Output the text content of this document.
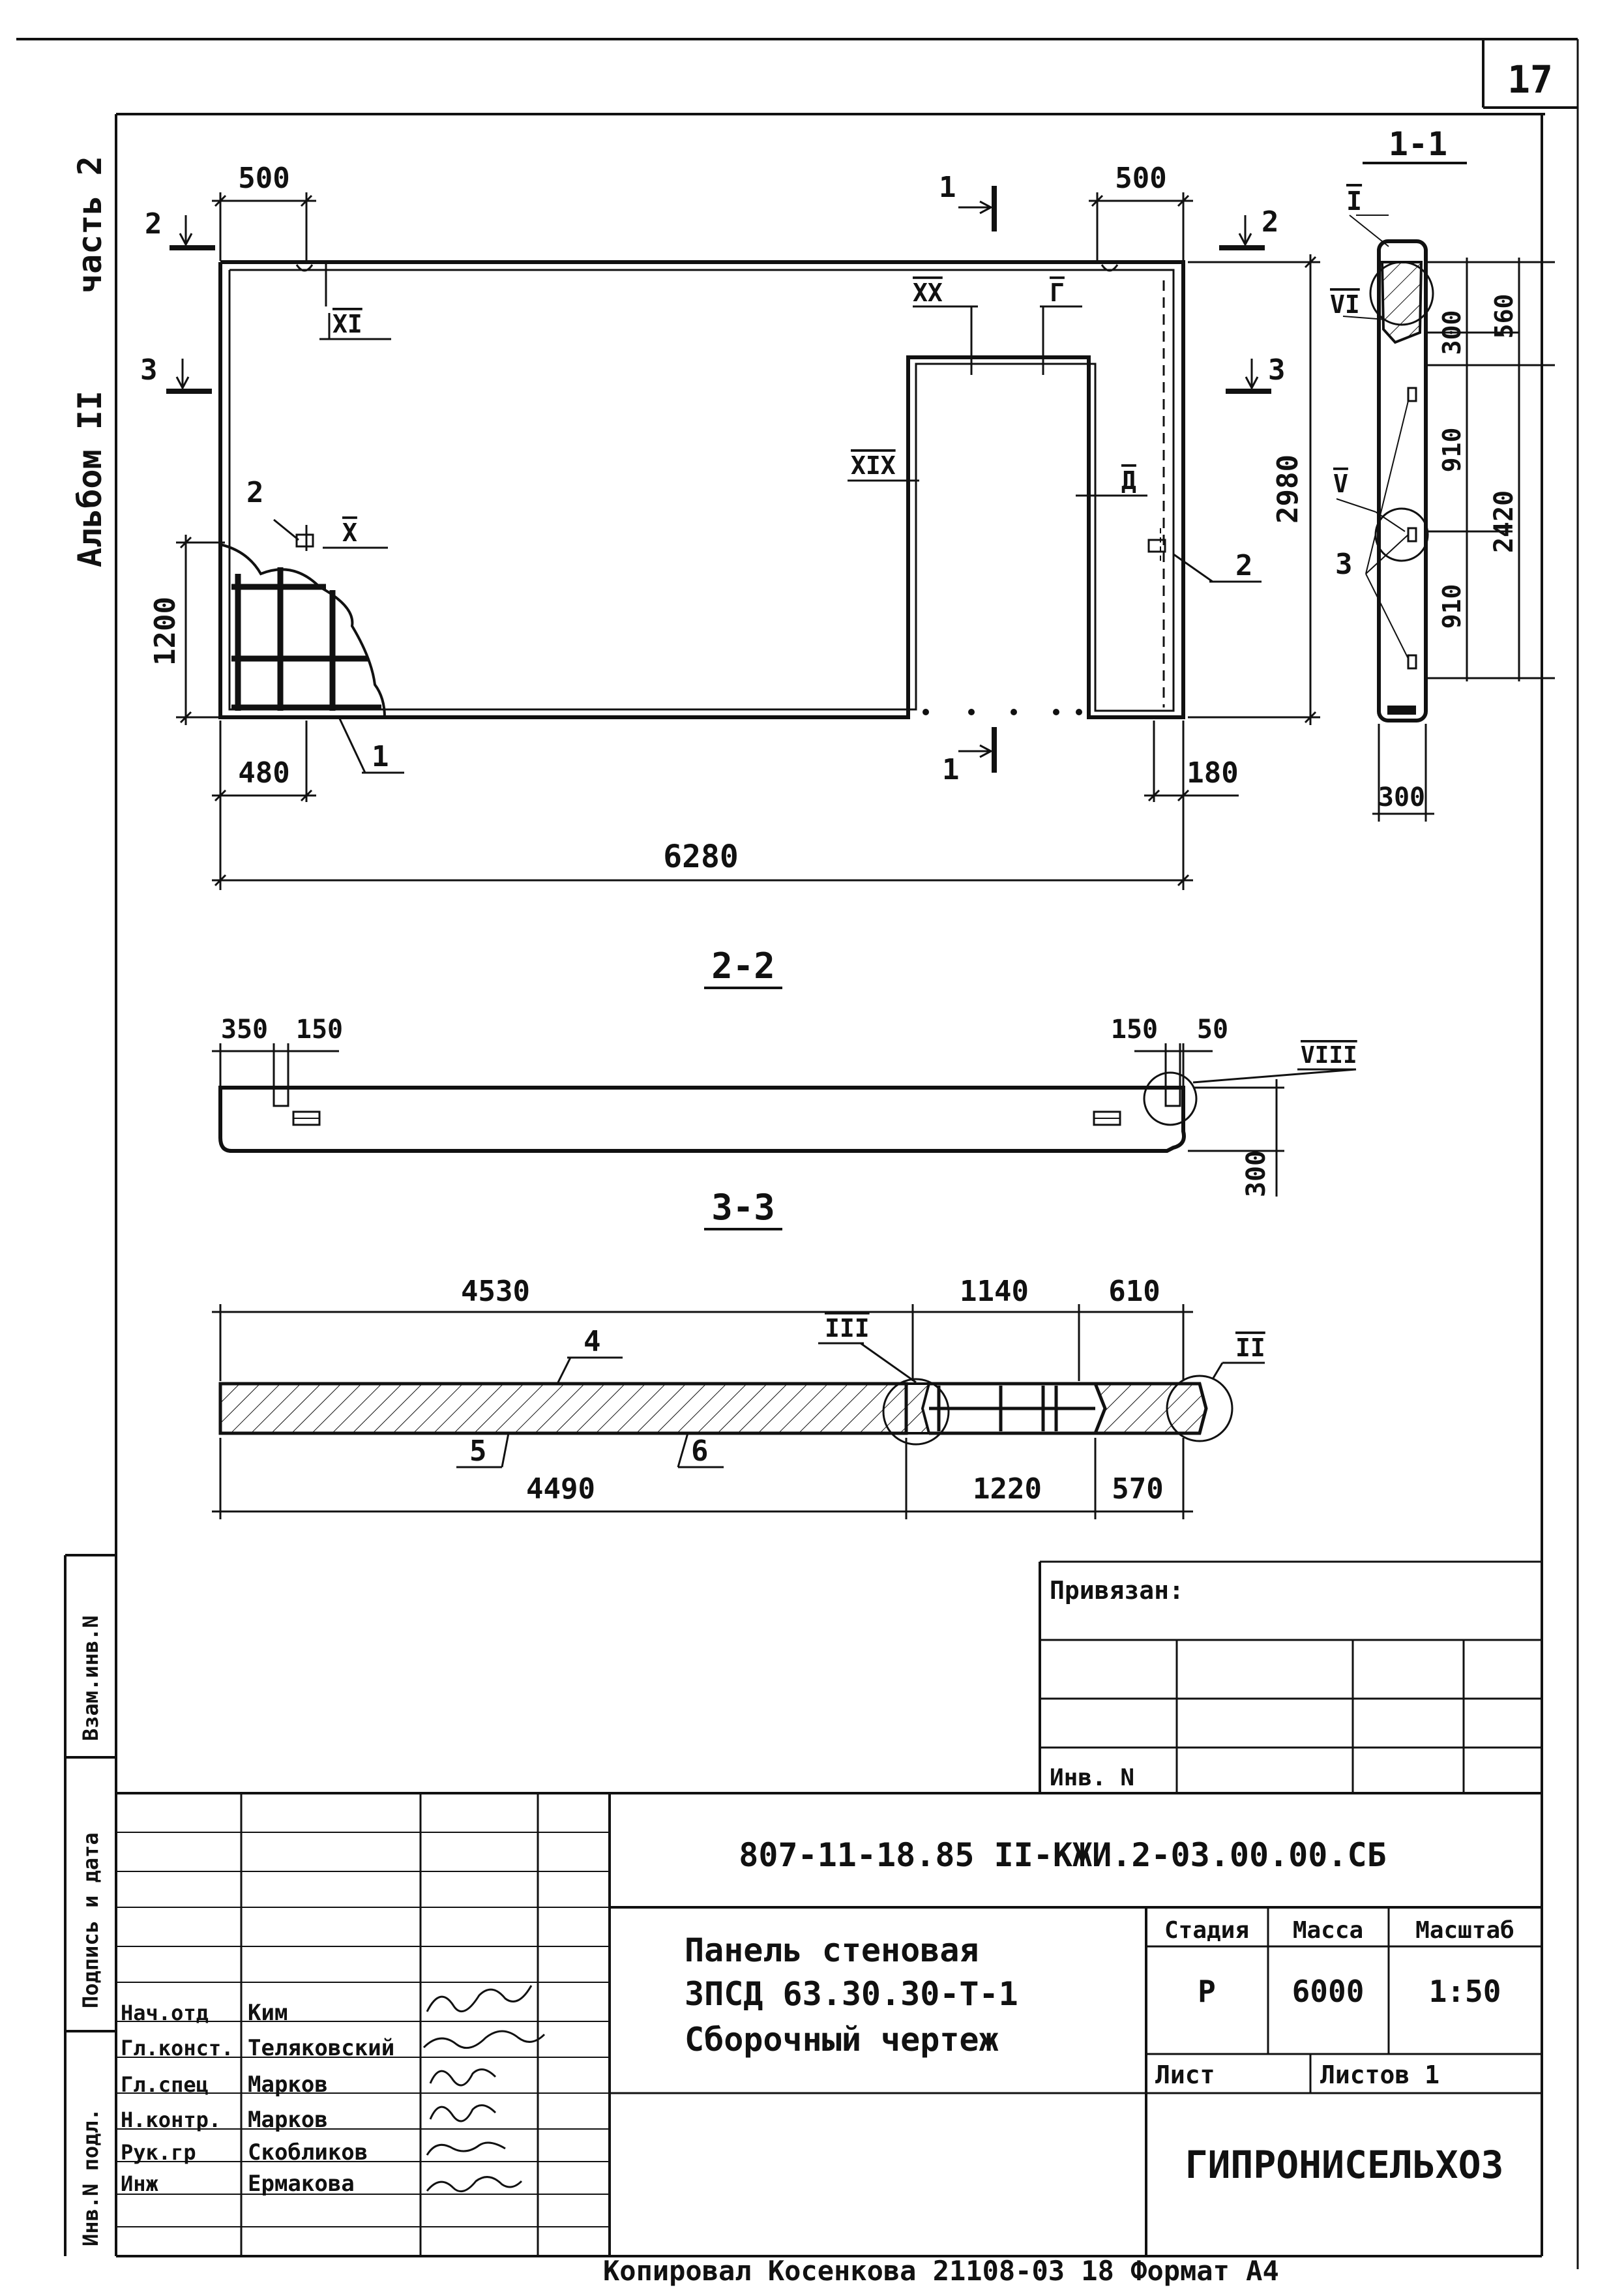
17
Альбом II
часть 2
Взам.инв.N
Подпись и дата
Инв.N подл.
500	500
2980
1200
480	180
6280
2	2
3	3
1
1
XI
XX	Г
XIX
Д
X
2
2
1
1-1
I
VI
V
3
300 560
910
910
2420
300
2-2
350 150	150 50
300
VIII
3-3
4530	1140	610
4490	1220 570
III
II
4
5	6
Привязан:
Инв. N
807-11-18.85 II-КЖИ.2-03.00.00.СБ
Панель стеновая
3ПСД 63.30.30-Т-1
Сборочный чертеж
Стадия Масса Масштаб
Р	6000 1:50
Лист	Листов 1
ГИПРОНИСЕЛЬХОЗ
Нач.отд Ким
Гл.конст. Теляковский
Гл.спец Марков
Н.контр. Марков
Рук.гр Скобликов
Инж	Ермакова
Копировал Косенкова 21108-03 18 Формат А4
